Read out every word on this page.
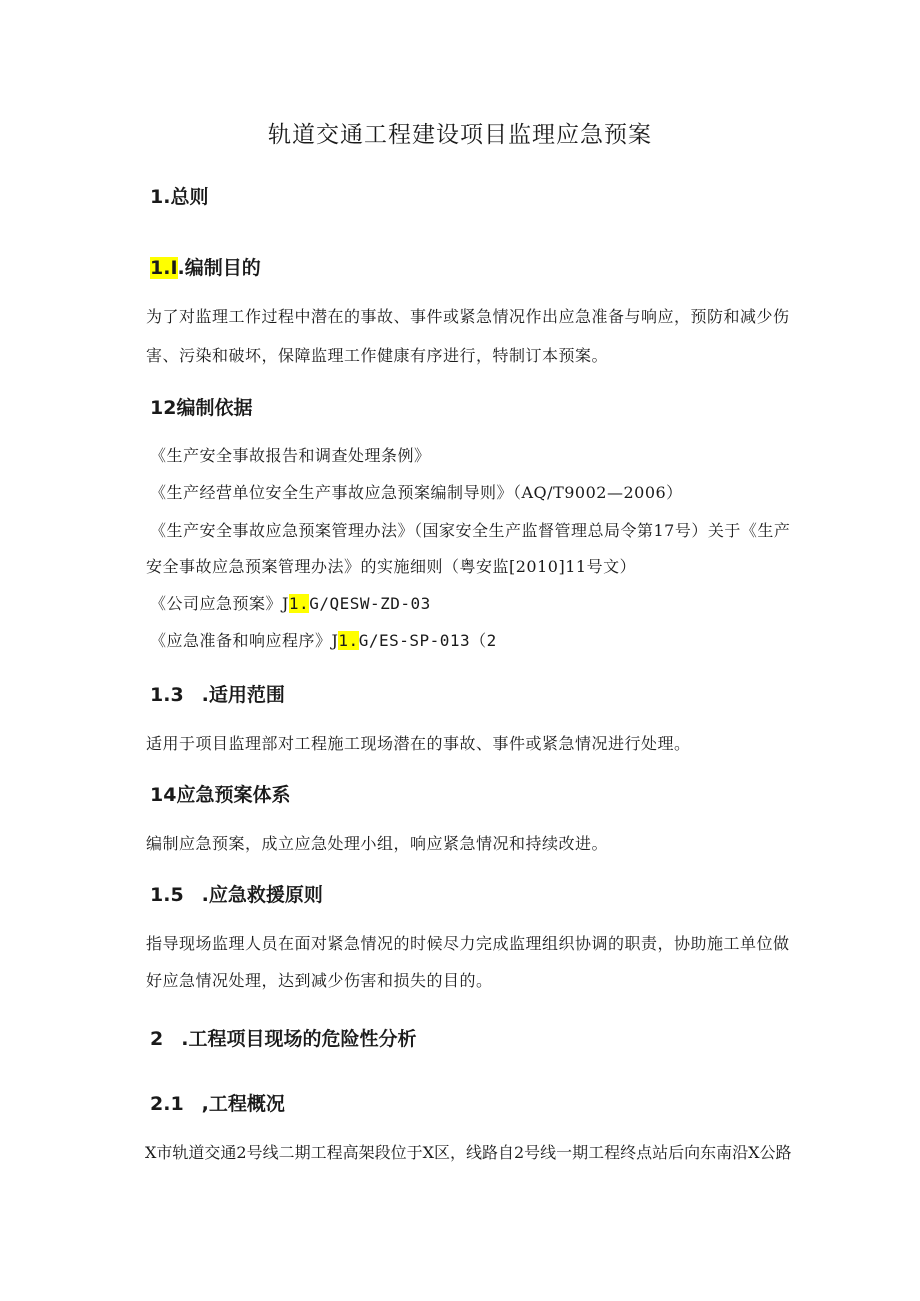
轨道交通工程建设项目监理应急预案
1.总则
1.I.编制目的
为了对监理工作过程中潜在的事故、事件或紧急情况作出应急准备与响应，预防和减少伤
害、污染和破坏，保障监理工作健康有序进行，特制订本预案。
12编制依据
《生产安全事故报告和调查处理条例》
《生产经营单位安全生产事故应急预案编制导则》（AQ/T9002—2006）
《生产安全事故应急预案管理办法》（国家安全生产监督管理总局令第17号）关于《生产
安全事故应急预案管理办法》的实施细则（粤安监[2010]11号文）
《公司应急预案》J1.G/QESW-ZD-03
《应急准备和响应程序》J1.G/ES-SP-013（2
1.3 .适用范围
适用于项目监理部对工程施工现场潜在的事故、事件或紧急情况进行处理。
14应急预案体系
编制应急预案，成立应急处理小组，响应紧急情况和持续改进。
1.5 .应急救援原则
指导现场监理人员在面对紧急情况的时候尽力完成监理组织协调的职责，协助施工单位做
好应急情况处理，达到减少伤害和损失的目的。
2 .工程项目现场的危险性分析
2.1 ,工程概况
X市轨道交通2号线二期工程高架段位于X区，线路自2号线一期工程终点站后向东南沿X公路
